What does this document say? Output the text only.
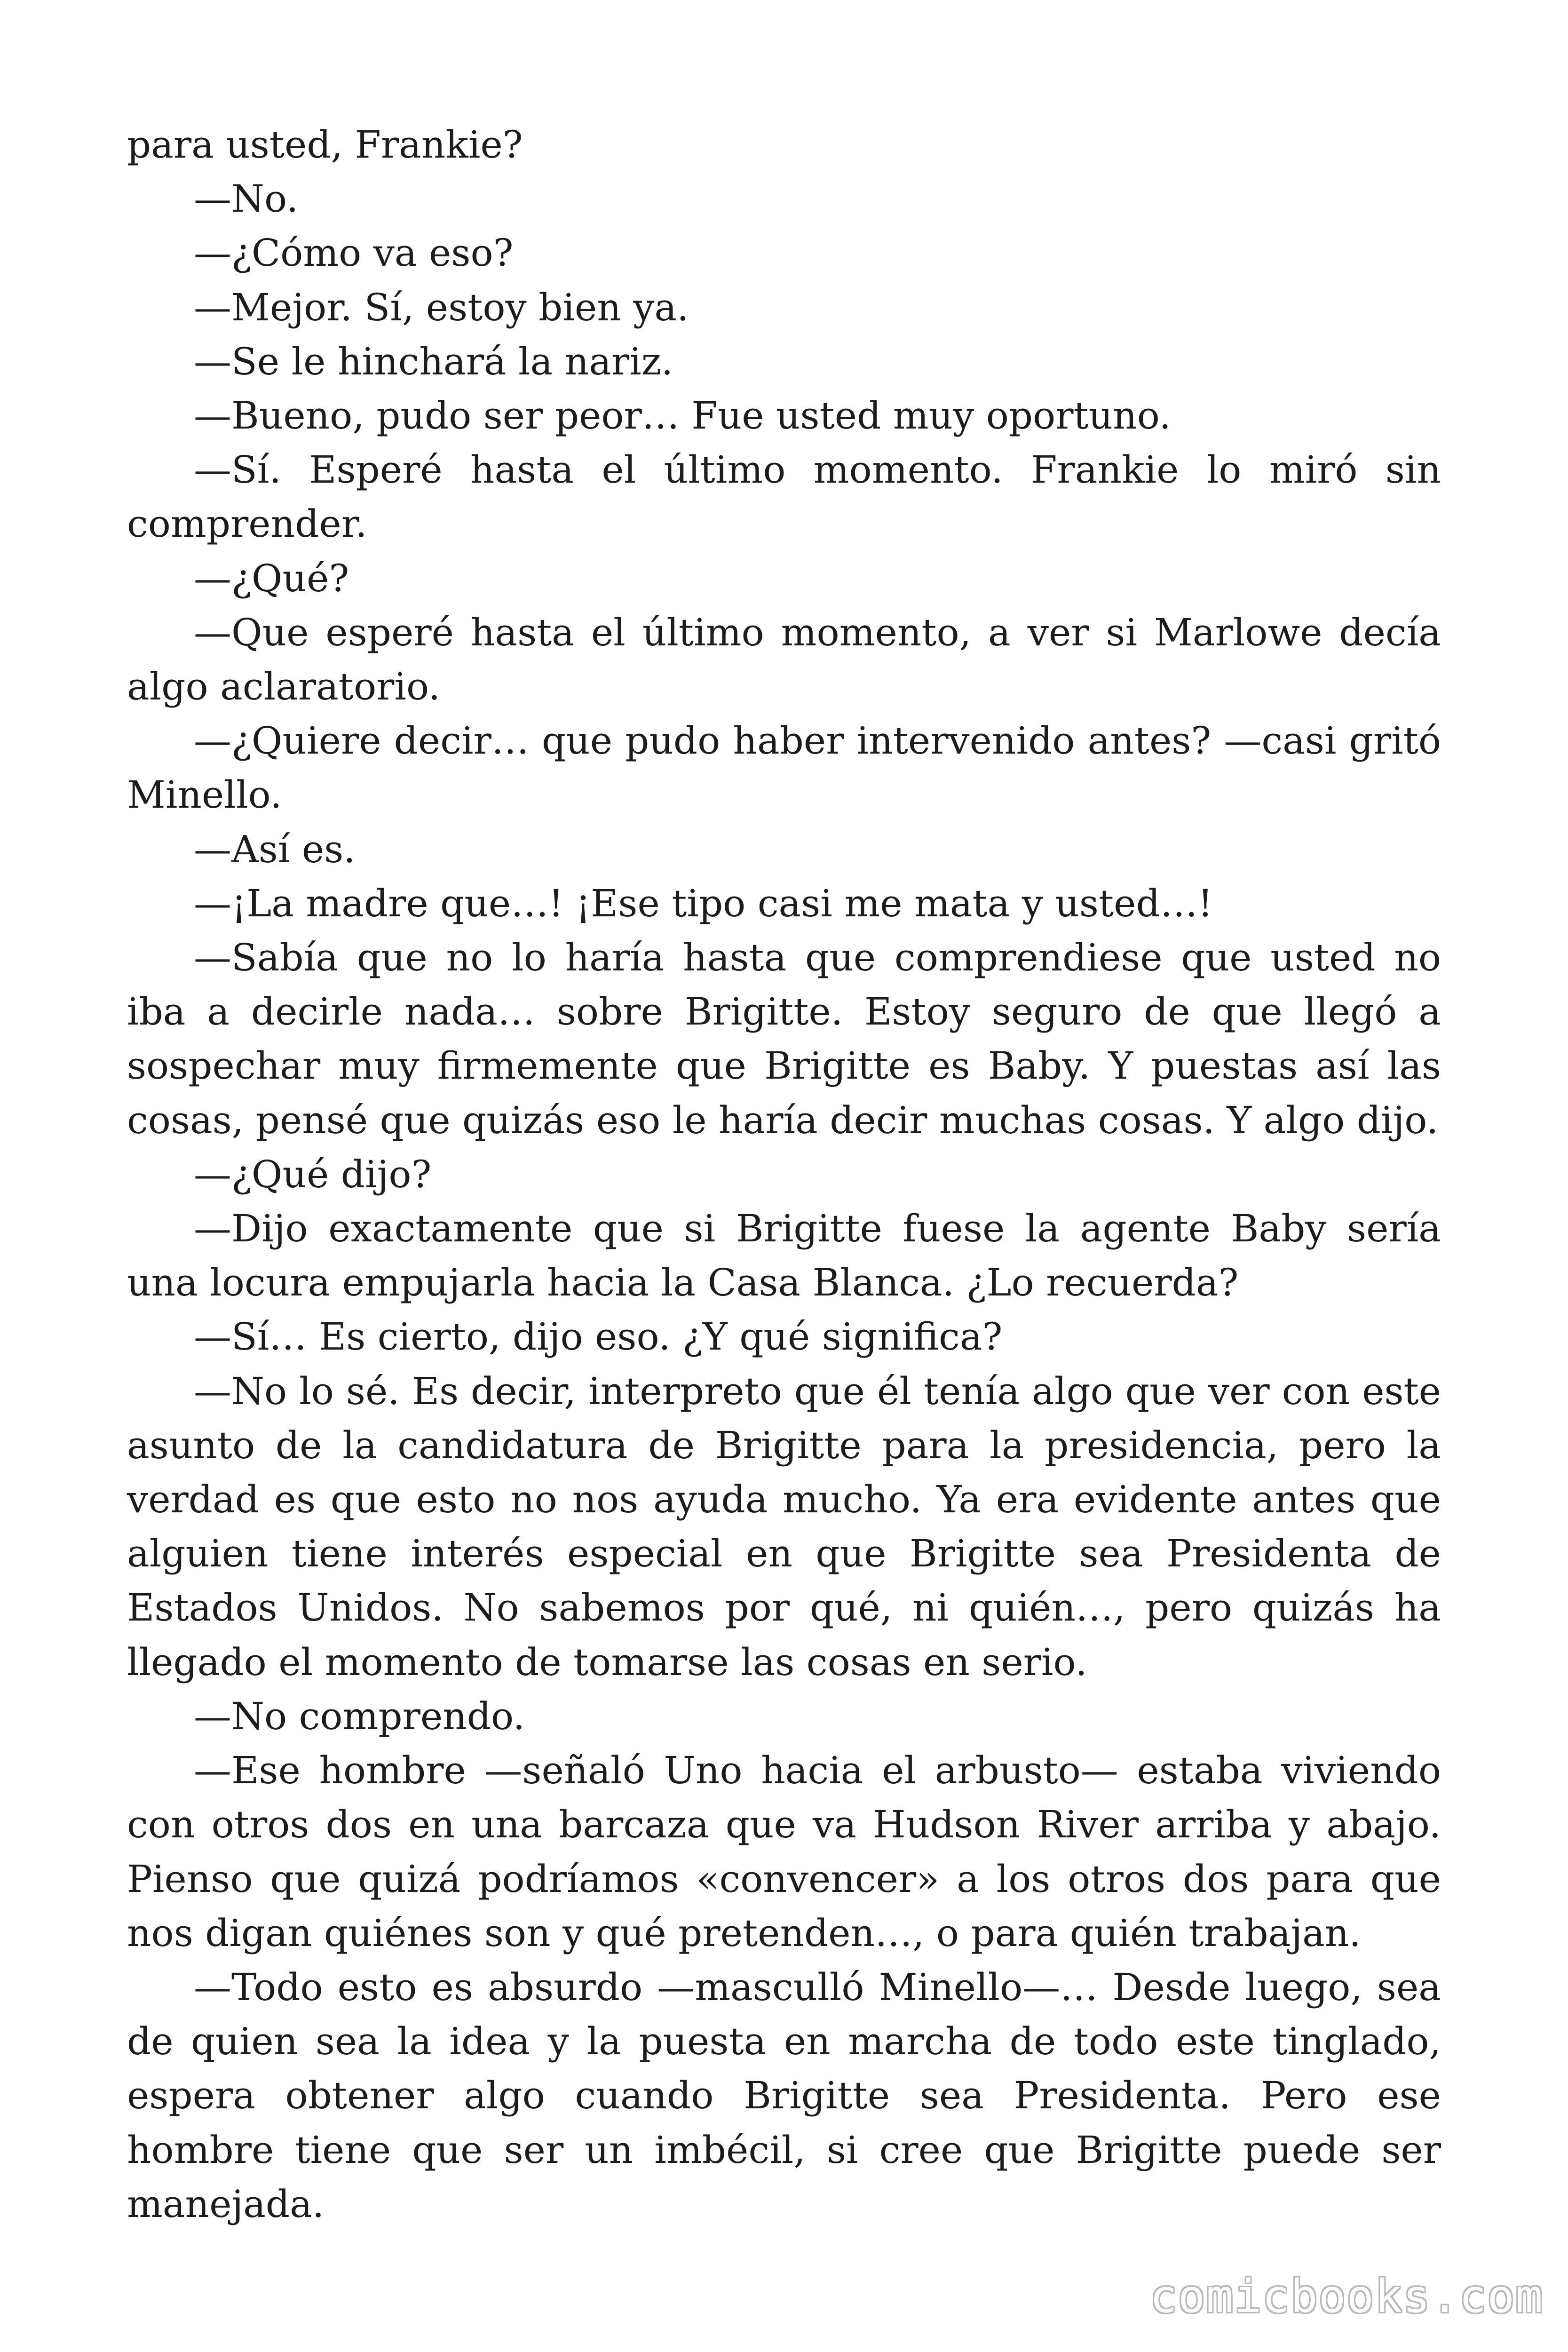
para usted, Frankie?

—No.

—¿Cómo va eso?

—Mejor. Sí, estoy bien ya.

—Se le hinchará la nariz.

—Bueno, pudo ser peor… Fue usted muy oportuno.

—Sí. Esperé hasta el último momento. Frankie lo miró sin comprender.

—¿Qué?

—Que esperé hasta el último momento, a ver si Marlowe decía algo aclaratorio.

—¿Quiere decir… que pudo haber intervenido antes? —casi gritó Minello.

—Así es.

—¡La madre que…! ¡Ese tipo casi me mata y usted…!

—Sabía que no lo haría hasta que comprendiese que usted no iba a decirle nada… sobre Brigitte. Estoy seguro de que llegó a sospechar muy firmemente que Brigitte es Baby. Y puestas así las cosas, pensé que quizás eso le haría decir muchas cosas. Y algo dijo.

—¿Qué dijo?

—Dijo exactamente que si Brigitte fuese la agente Baby sería una locura empujarla hacia la Casa Blanca. ¿Lo recuerda?

—Sí… Es cierto, dijo eso. ¿Y qué significa?

—No lo sé. Es decir, interpreto que él tenía algo que ver con este asunto de la candidatura de Brigitte para la presidencia, pero la verdad es que esto no nos ayuda mucho. Ya era evidente antes que alguien tiene interés especial en que Brigitte sea Presidenta de Estados Unidos. No sabemos por qué, ni quién…, pero quizás ha llegado el momento de tomarse las cosas en serio.

—No comprendo.

—Ese hombre —señaló Uno hacia el arbusto— estaba viviendo con otros dos en una barcaza que va Hudson River arriba y abajo. Pienso que quizá podríamos «convencer» a los otros dos para que nos digan quiénes son y qué pretenden…, o para quién trabajan.

—Todo esto es absurdo —masculló Minello—… Desde luego, sea de quien sea la idea y la puesta en marcha de todo este tinglado, espera obtener algo cuando Brigitte sea Presidenta. Pero ese hombre tiene que ser un imbécil, si cree que Brigitte puede ser manejada.

comicbooks.com
